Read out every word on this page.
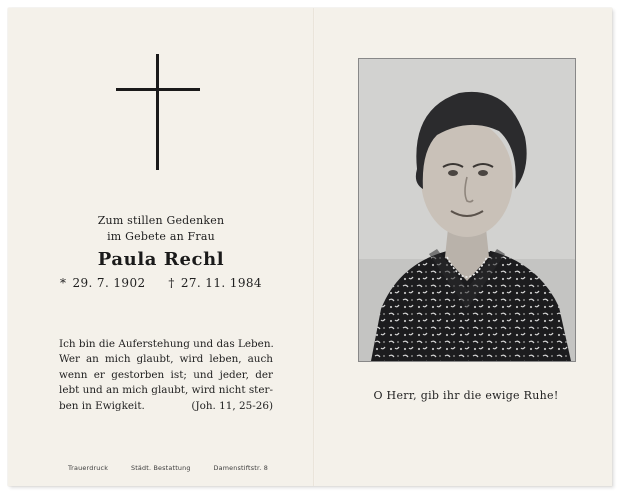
Zum stillen Gedenken
im Gebete an Frau
Paula Rechl
* 29. 7. 1902 † 27. 11. 1984
Ich bin die Auferstehung und das Leben.
Wer an mich glaubt, wird leben, auch
wenn er gestorben ist; und jeder, der
lebt und an mich glaubt, wird nicht ster-
ben in Ewigkeit.	(Joh. 11, 25-26)
Trauerdruck	Städt. Bestattung	Damenstiftstr. 8
O Herr, gib ihr die ewige Ruhe!
